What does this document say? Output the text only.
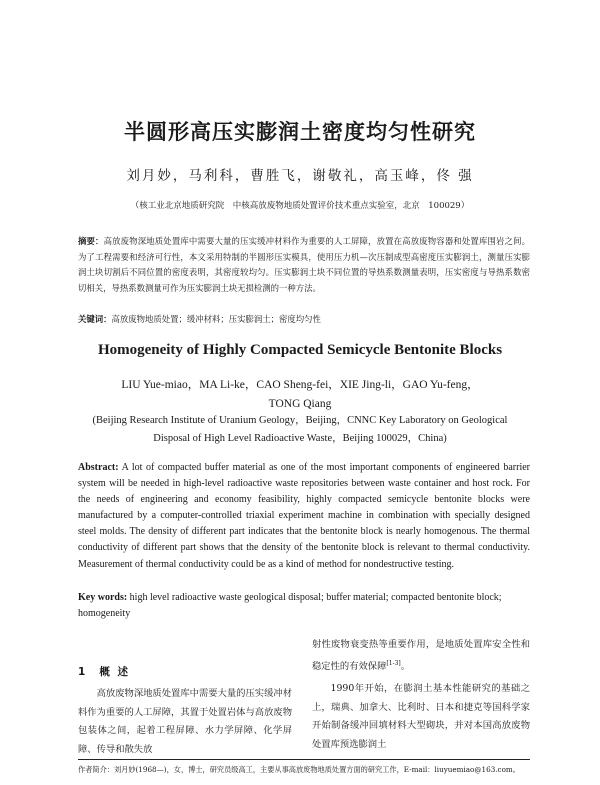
半圆形高压实膨润土密度均匀性研究
刘月妙，马利科，曹胜飞，谢敬礼，高玉峰，佟 强
（核工业北京地质研究院　中核高放废物地质处置评价技术重点实验室，北京　100029）
摘要：高放废物深地质处置库中需要大量的压实缓冲材料作为重要的人工屏障，放置在高放废物容器和处置库围岩之间。为了工程需要和经济可行性，本文采用特制的半圆形压实模具，使用压力机—次压制成型高密度压实膨润土，测量压实膨润土块切割后不同位置的密度表明，其密度较均匀。压实膨润土块不同位置的导热系数测量表明，压实密度与导热系数密切相关，导热系数测量可作为压实膨润土块无损检测的一种方法。
关键词：高放废物地质处置；缓冲材料；压实膨润土；密度均匀性
Homogeneity of Highly Compacted Semicycle Bentonite Blocks
LIU Yue-miao，MA Li-ke，CAO Sheng-fei，XIE Jing-li，GAO Yu-feng，
TONG Qiang
(Beijing Research Institute of Uranium Geology，Beijing，CNNC Key Laboratory on Geological
Disposal of High Level Radioactive Waste，Beijing 100029，China)
Abstract: A lot of compacted buffer material as one of the most important components of engineered barrier system will be needed in high-level radioactive waste repositories between waste container and host rock. For the needs of engineering and economy feasibility, highly compacted semicycle bentonite blocks were manufactured by a computer-controlled triaxial experiment machine in combination with specially designed steel molds. The density of different part indicates that the bentonite block is nearly homogenous. The thermal conductivity of different part shows that the density of the bentonite block is relevant to thermal conductivity. Measurement of thermal conductivity could be as a kind of method for nondestructive testing.
Key words: high level radioactive waste geological disposal; buffer material; compacted bentonite block; homogeneity
1 概 述

高放废物深地质处置库中需要大量的压实缓冲材料作为重要的人工屏障，其置于处置岩体与高放废物包装体之间，起着工程屏障、水力学屏障、化学屏障、传导和散失放

射性废物衰变热等重要作用，是地质处置库安全性和稳定性的有效保障[1-3]。

1990年开始，在膨润土基本性能研究的基础之上，瑞典、加拿大、比利时、日本和捷克等国科学家开始制备缓冲回填材料大型砌块，并对本国高放废物处置库预选膨润土

作者简介：刘月妙(1968—)，女，博士，研究员级高工，主要从事高放废物地质处置方面的研究工作，E-mail：liuyuemiao@163.com。
